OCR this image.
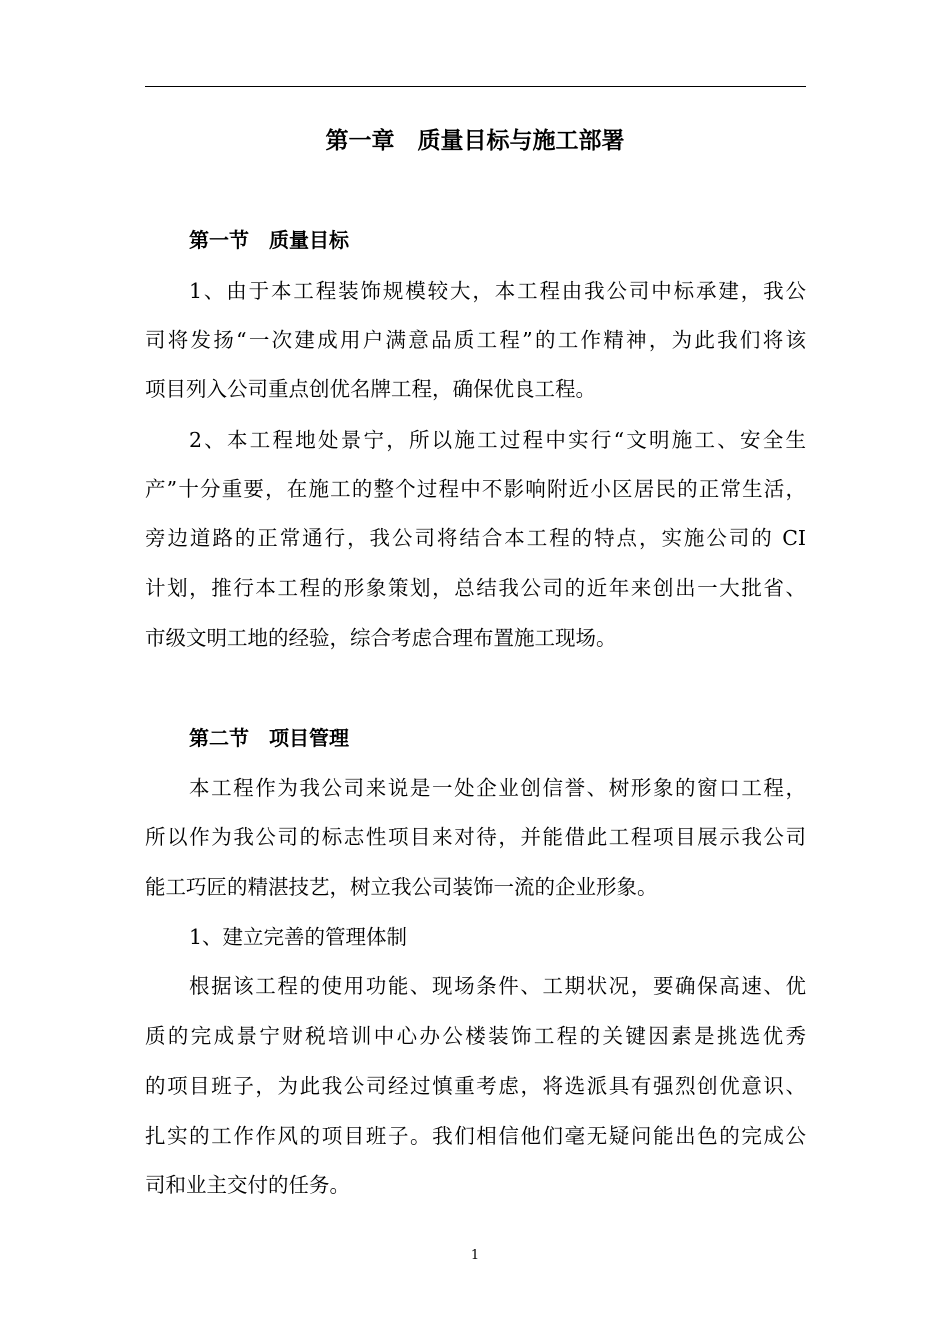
第一章　质量目标与施工部署
第一节　质量目标

1、由于本工程装饰规模较大，本工程由我公司中标承建，我公

司将发扬“一次建成用户满意品质工程”的工作精神，为此我们将该

项目列入公司重点创优名牌工程，确保优良工程。

2、本工程地处景宁，所以施工过程中实行“文明施工、安全生

产”十分重要，在施工的整个过程中不影响附近小区居民的正常生活，

旁边道路的正常通行，我公司将结合本工程的特点，实施公司的 CI

计划，推行本工程的形象策划，总结我公司的近年来创出一大批省、

市级文明工地的经验，综合考虑合理布置施工现场。

第二节　项目管理

本工程作为我公司来说是一处企业创信誉、树形象的窗口工程，

所以作为我公司的标志性项目来对待，并能借此工程项目展示我公司

能工巧匠的精湛技艺，树立我公司装饰一流的企业形象。

1、建立完善的管理体制

根据该工程的使用功能、现场条件、工期状况，要确保高速、优

质的完成景宁财税培训中心办公楼装饰工程的关键因素是挑选优秀

的项目班子，为此我公司经过慎重考虑，将选派具有强烈创优意识、

扎实的工作作风的项目班子。我们相信他们毫无疑问能出色的完成公

司和业主交付的任务。

1
